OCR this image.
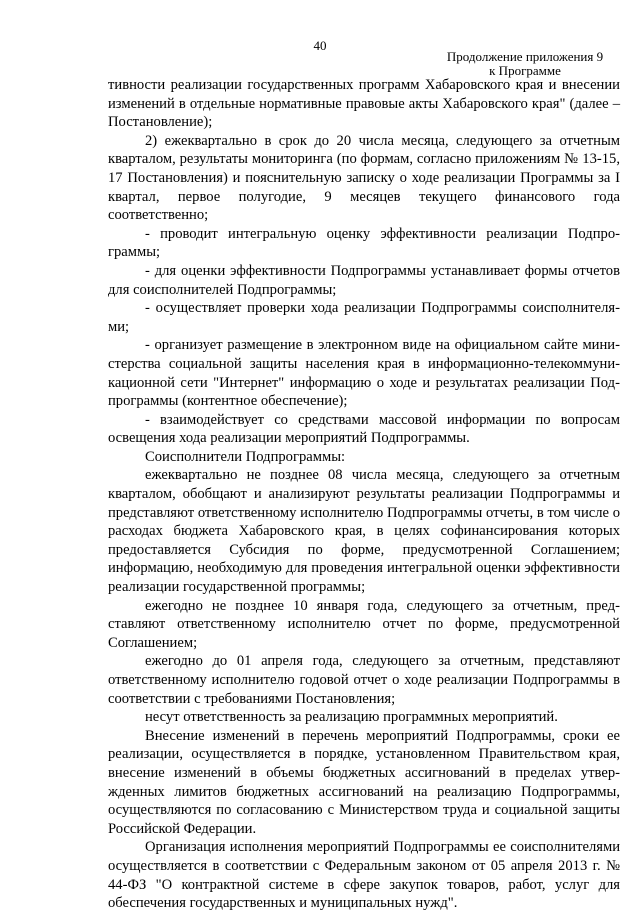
40
Продолжение приложения 9
к Программе

тивности реализации государственных программ Хабаровского края и внесении изменений в отдельные нормативные правовые акты Хабаровского края" (далее – Постановление);

2) ежеквартально в срок до 20 числа месяца, следующего за отчетным кварталом, результаты мониторинга (по формам, согласно приложениям № 13-15, 17 Постановления) и пояснительную записку о ходе реализации Программы за I квартал, первое полугодие, 9 месяцев текущего финансового года соответственно;

- проводит интегральную оценку эффективности реализации Подпрограммы;

- для оценки эффективности Подпрограммы устанавливает формы отчетов для соисполнителей Подпрограммы;

- осуществляет проверки хода реализации Подпрограммы соисполнителями;

- организует размещение в электронном виде на официальном сайте министерства социальной защиты населения края в информационно-телекоммуникационной сети "Интернет" информацию о ходе и результатах реализации Подпрограммы (контентное обеспечение);

- взаимодействует со средствами массовой информации по вопросам освещения хода реализации мероприятий Подпрограммы.

Соисполнители Подпрограммы:

ежеквартально не позднее 08 числа месяца, следующего за отчетным кварталом, обобщают и анализируют результаты реализации Подпрограммы и представляют ответственному исполнителю Подпрограммы отчеты, в том числе о расходах бюджета Хабаровского края, в целях софинансирования которых предоставляется Субсидия по форме, предусмотренной Соглашением; информацию, необходимую для проведения интегральной оценки эффективности реализации государственной программы;

ежегодно не позднее 10 января года, следующего за отчетным, представляют ответственному исполнителю отчет по форме, предусмотренной Соглашением;

ежегодно до 01 апреля года, следующего за отчетным, представляют ответственному исполнителю годовой отчет о ходе реализации Подпрограммы в соответствии с требованиями Постановления;

несут ответственность за реализацию программных мероприятий.

Внесение изменений в перечень мероприятий Подпрограммы, сроки ее реализации, осуществляется в порядке, установленном Правительством края, внесение изменений в объемы бюджетных ассигнований в пределах утвержденных лимитов бюджетных ассигнований на реализацию Подпрограммы, осуществляются по согласованию с Министерством труда и социальной защиты Российской Федерации.

Организация исполнения мероприятий Подпрограммы ее соисполнителями осуществляется в соответствии с Федеральным законом от 05 апреля 2013 г. № 44-ФЗ "О контрактной системе в сфере закупок товаров, работ, услуг для обеспечения государственных и муниципальных нужд".
